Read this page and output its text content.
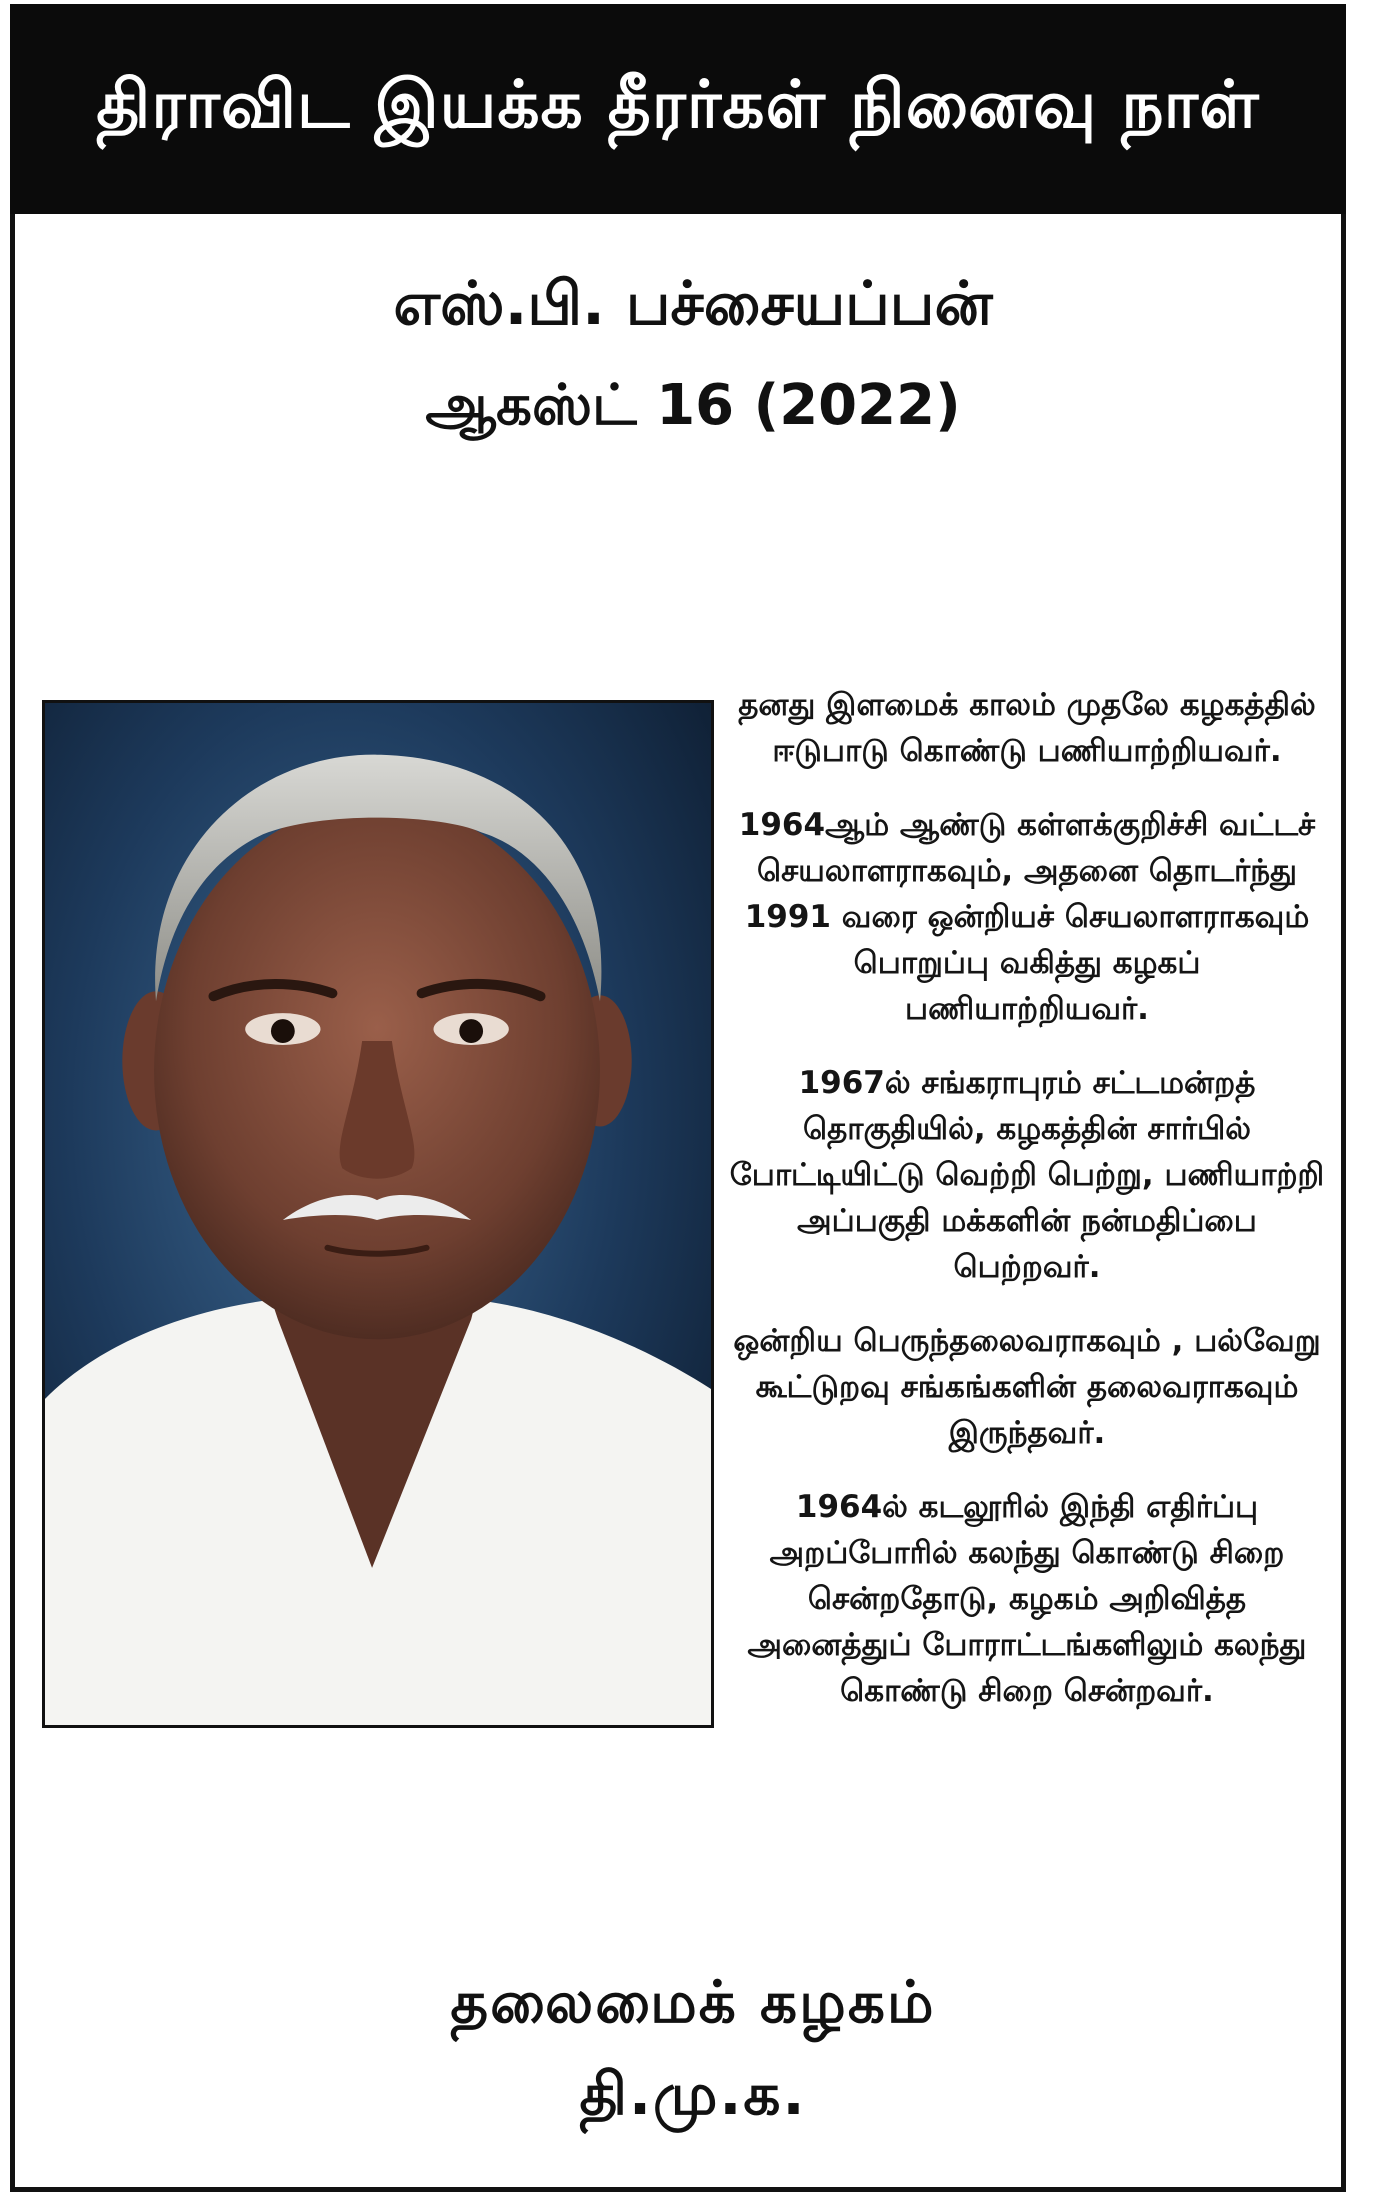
திராவிட இயக்க தீரர்கள் நினைவு நாள்
எஸ்.பி. பச்சையப்பன்
ஆகஸ்ட் 16 (2022)

தனது இளமைக் காலம் முதலே கழகத்தில் ஈடுபாடு கொண்டு பணியாற்றியவர்.

1964ஆம் ஆண்டு கள்ளக்குறிச்சி வட்டச் செயலாளராகவும், அதனை தொடர்ந்து 1991 வரை ஒன்றியச் செயலாளராகவும் பொறுப்பு வகித்து கழகப் பணியாற்றியவர்.

1967ல் சங்கராபுரம் சட்டமன்றத் தொகுதியில், கழகத்தின் சார்பில் போட்டியிட்டு வெற்றி பெற்று, பணியாற்றி அப்பகுதி மக்களின் நன்மதிப்பை பெற்றவர்.

ஒன்றிய பெருந்தலைவராகவும் , பல்வேறு கூட்டுறவு சங்கங்களின் தலைவராகவும் இருந்தவர்.

1964ல் கடலூரில் இந்தி எதிர்ப்பு அறப்போரில் கலந்து கொண்டு சிறை சென்றதோடு, கழகம் அறிவித்த அனைத்துப் போராட்டங்களிலும் கலந்து கொண்டு சிறை சென்றவர்.

தலைமைக் கழகம்
தி.மு.க.
